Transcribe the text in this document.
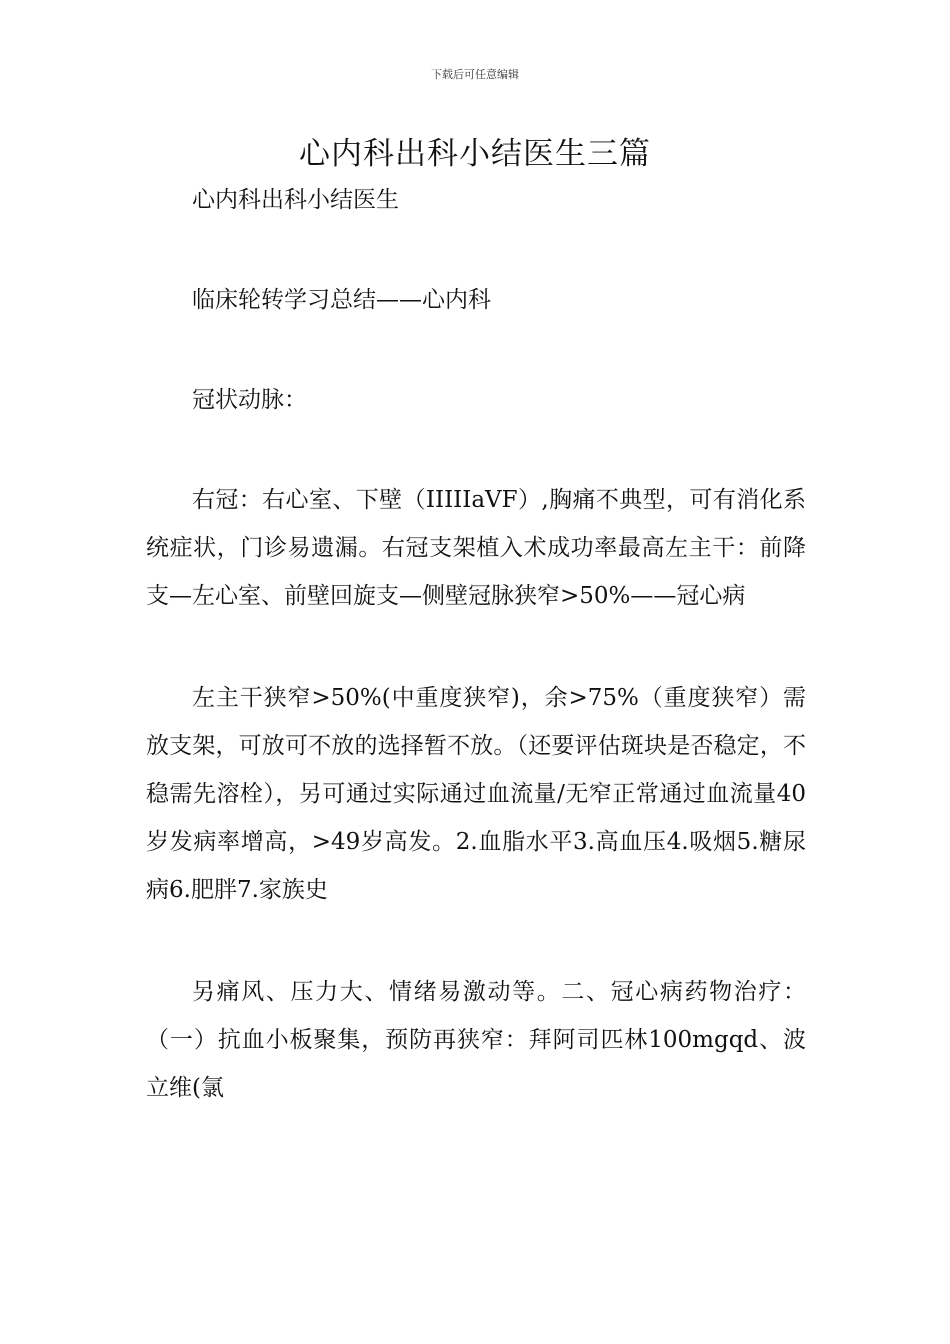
下载后可任意编辑
心内科出科小结医生三篇

心内科出科小结医生

临床轮转学习总结——心内科

冠状动脉：

右冠：右心室、下壁（IIIIIaVF）,胸痛不典型，可有消化系统症状，门诊易遗漏。右冠支架植入术成功率最高左主干：前降支—左心室、前壁回旋支—侧壁冠脉狭窄>50%——冠心病

左主干狭窄>50%(中重度狭窄)，余>75%（重度狭窄）需放支架，可放可不放的选择暂不放。（还要评估斑块是否稳定，不稳需先溶栓），另可通过实际通过血流量/无窄正常通过血流量40岁发病率增高，>49岁高发。2.血脂水平3.高血压4.吸烟5.糖尿病6.肥胖7.家族史

另痛风、压力大、情绪易激动等。二、冠心病药物治疗：（一）抗血小板聚集，预防再狭窄：拜阿司匹林100mgqd、波立维(氯
